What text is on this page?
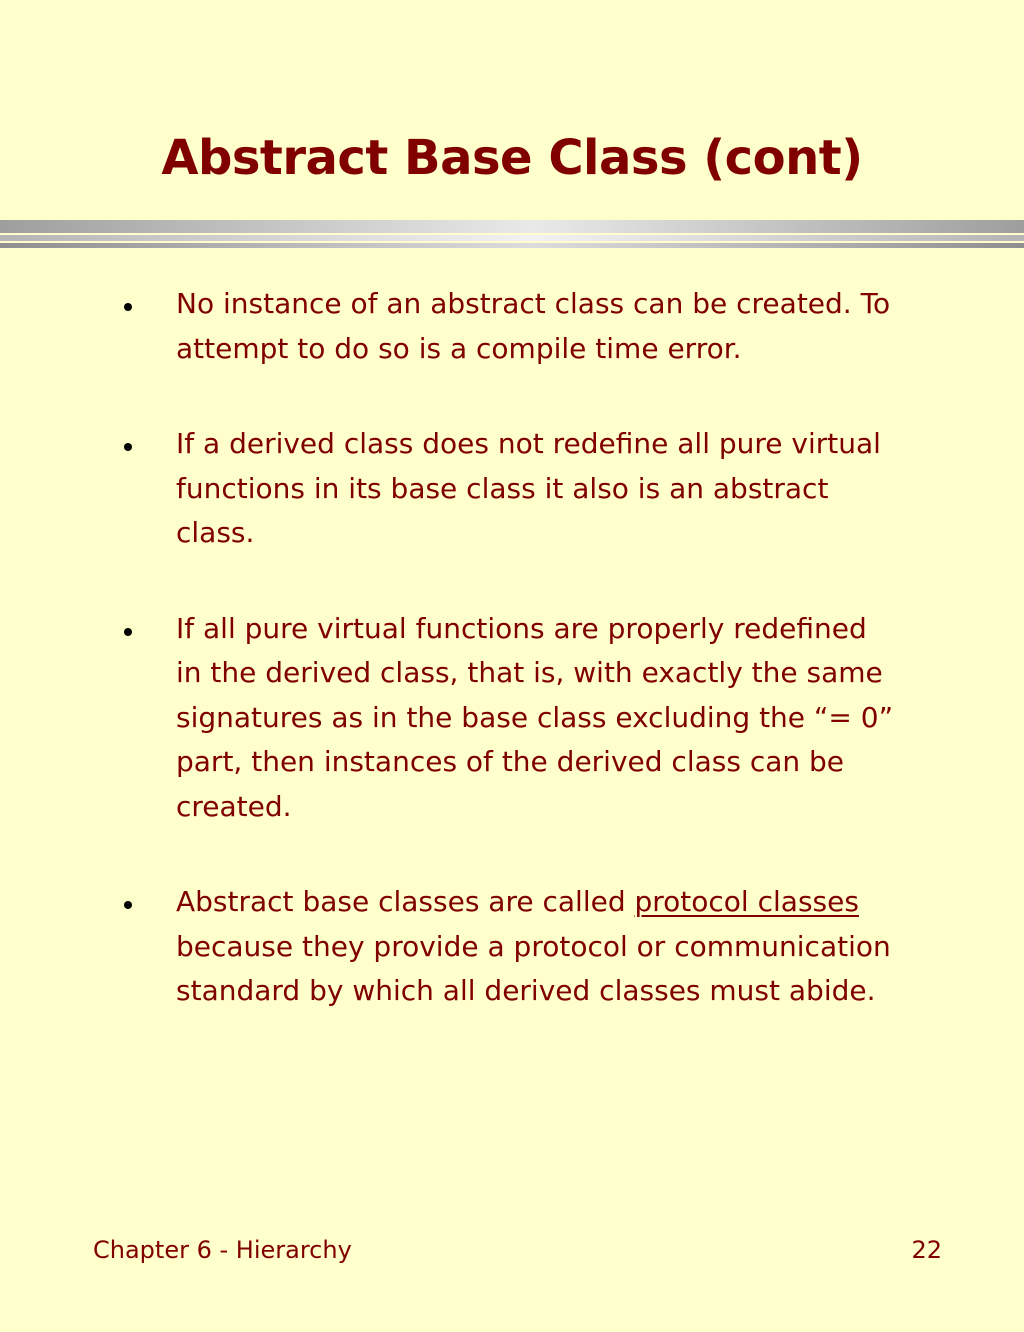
Abstract Base Class (cont)
No instance of an abstract class can be created. To attempt to do so is a compile time error.
If a derived class does not redefine all pure virtual functions in its base class it also is an abstract class.
If all pure virtual functions are properly redefined in the derived class, that is, with exactly the same signatures as in the base class excluding the “= 0” part, then instances of the derived class can be created.
Abstract base classes are called protocol classes because they provide a protocol or communication standard by which all derived classes must abide.
Chapter 6 - Hierarchy	22
